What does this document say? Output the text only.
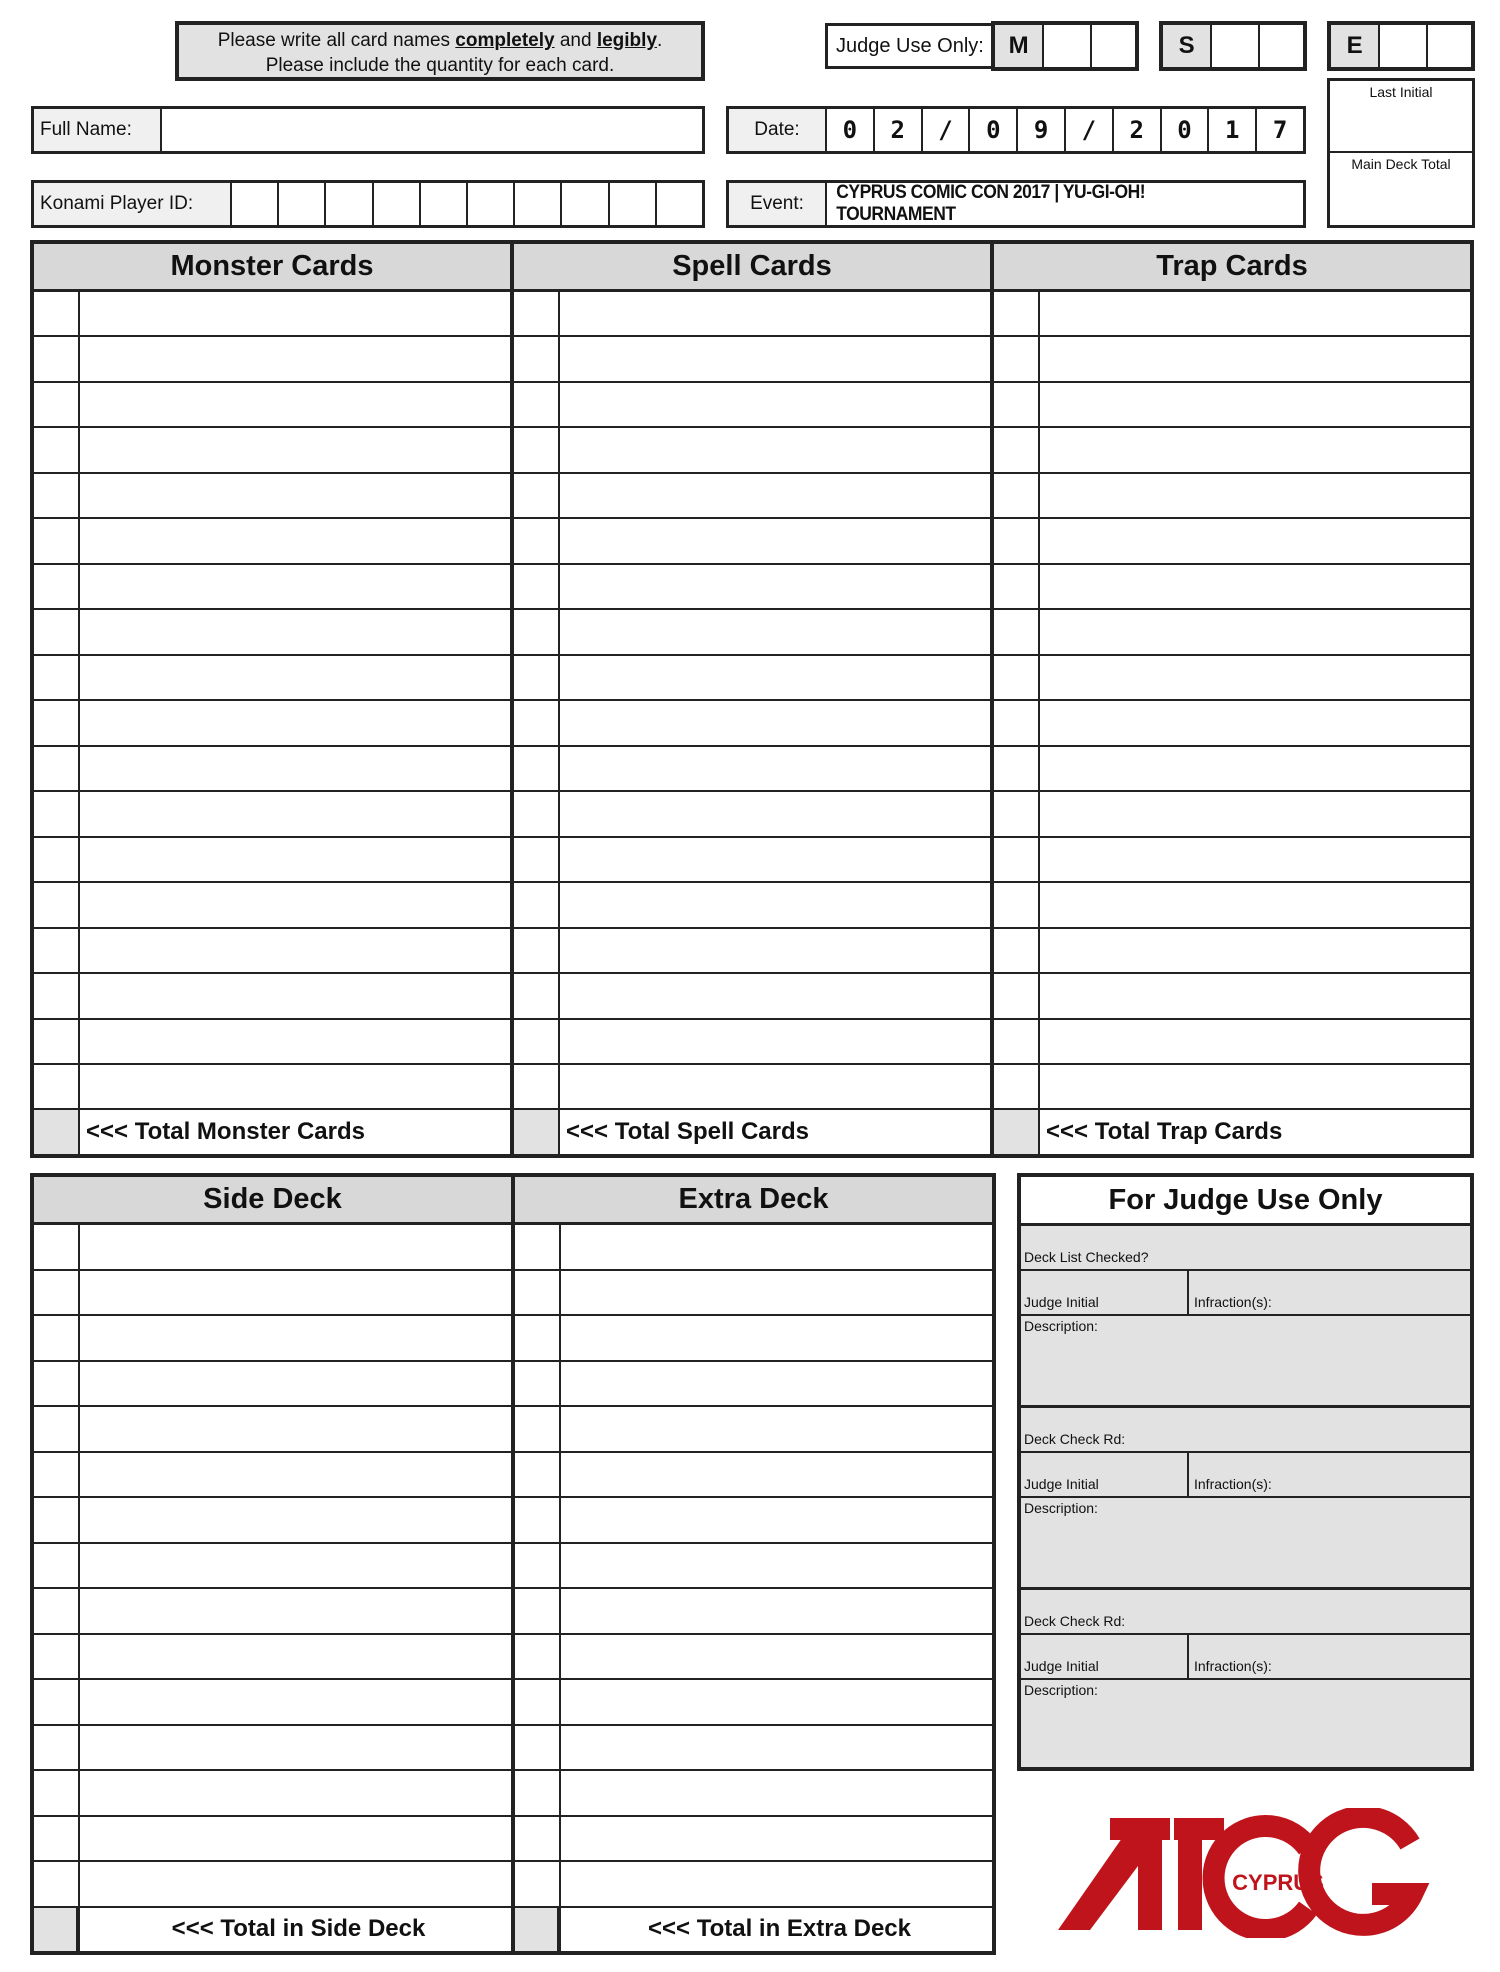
Please write all card names completely and legibly.
Please include the quantity for each card.
Judge Use Only:	M	S	E
Last Initial
Main Deck Total
Full Name:
Konami Player ID:
Date:	0	2	/	0	9	/	2	0	1	7
Event:
CYPRUS COMIC CON 2017 | YU-GI-OH! TOURNAMENT
Monster Cards
<<< Total Monster Cards
Spell Cards
<<< Total Spell Cards
Trap Cards
<<< Total Trap Cards
Side Deck
<<< Total in Side Deck
Extra Deck
<<< Total in Extra Deck
For Judge Use Only
Deck List Checked?
Judge Initial	Infraction(s):
Description:
Deck Check Rd:
Judge Initial	Infraction(s):
Description:
Deck Check Rd:
Judge Initial	Infraction(s):
Description:
CYPRUS
